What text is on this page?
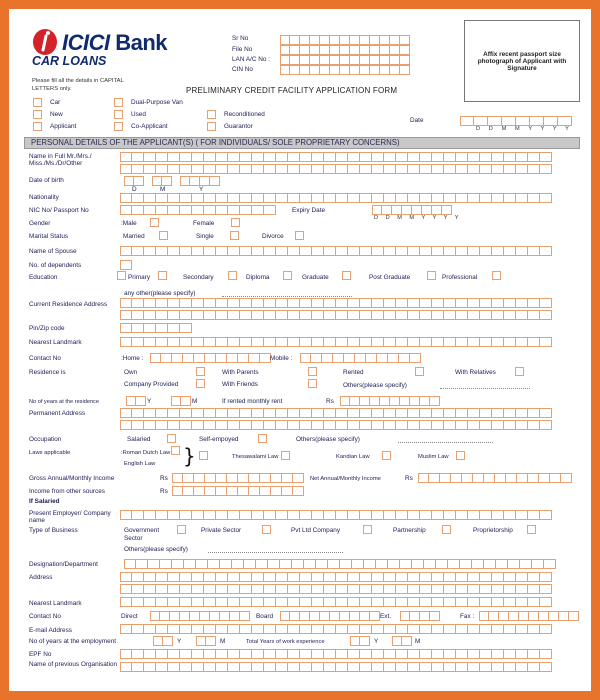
ICICI Bank
CAR LOANS
Please fill all the details in CAPITAL LETTERS only.	PRELIMINARY CREDIT FACILITY APPLICATION FORM
Sr No
File No
LAN A/C No :
CIN No
Affix recent passport size photograph of Applicant with Signature
Car	Dual-Purpose Van
New	Used	Reconditioned
Applicant	Co-Applicant	Guarantor
Date
D D M M Y Y Y Y
PERSONAL DETAILS OF THE APPLICANT(S) ( FOR INDIVIDUALS/ SOLE PROPRIETARY CONCERNS)
Name in Full Mr./Mrs./ Miss./Ms./Dr/Other
Date of birth
D	M	Y
Nationality
NIC No/ Passport No	Expiry Date
D D M M Y Y Y Y
Gender	:Male	Female
Marital Status	Married	Single	Divorce
Name of Spouse
No. of dependents
Education	Primary	Secondary	Diploma	Graduate	Post Graduate	Professional
any other(please specify)
Current Residence Address
Pin/Zip code
Nearest Landmark
Contact No	:Home :	Mobile :
Residence is	Own	With Parents	Rented	With Relatives
Company Provided	With Friends	Others(please specify)
No of years at the residence	Y	M	If rented monthly rent	Rs
Permanent Address
Occupation	Salaried	Self-empoyed	Others(please specify)
Laws applicable	:Roman Dutch Law
English Law }	Thesawalami Law	Kandian Law	Muslim Law
Gross Annual/Monthly Income	Rs	Net Annual/Monthly Income	Rs
Income from other sources	Rs
If Salaried
Present Employer/ Company name
Type of Business	Government Sector
Private Sector	Pvt Ltd Company	Partnership	Proprietorship
Others(please specify)
Designation/Department
Address
Nearest Landmark
Contact No	Direct	Board	Ext.	Fax :
E-mail Address
No of years at the employment	Y	M	Total Years of work experience	Y	M
EPF No
Name of previous Organisation
